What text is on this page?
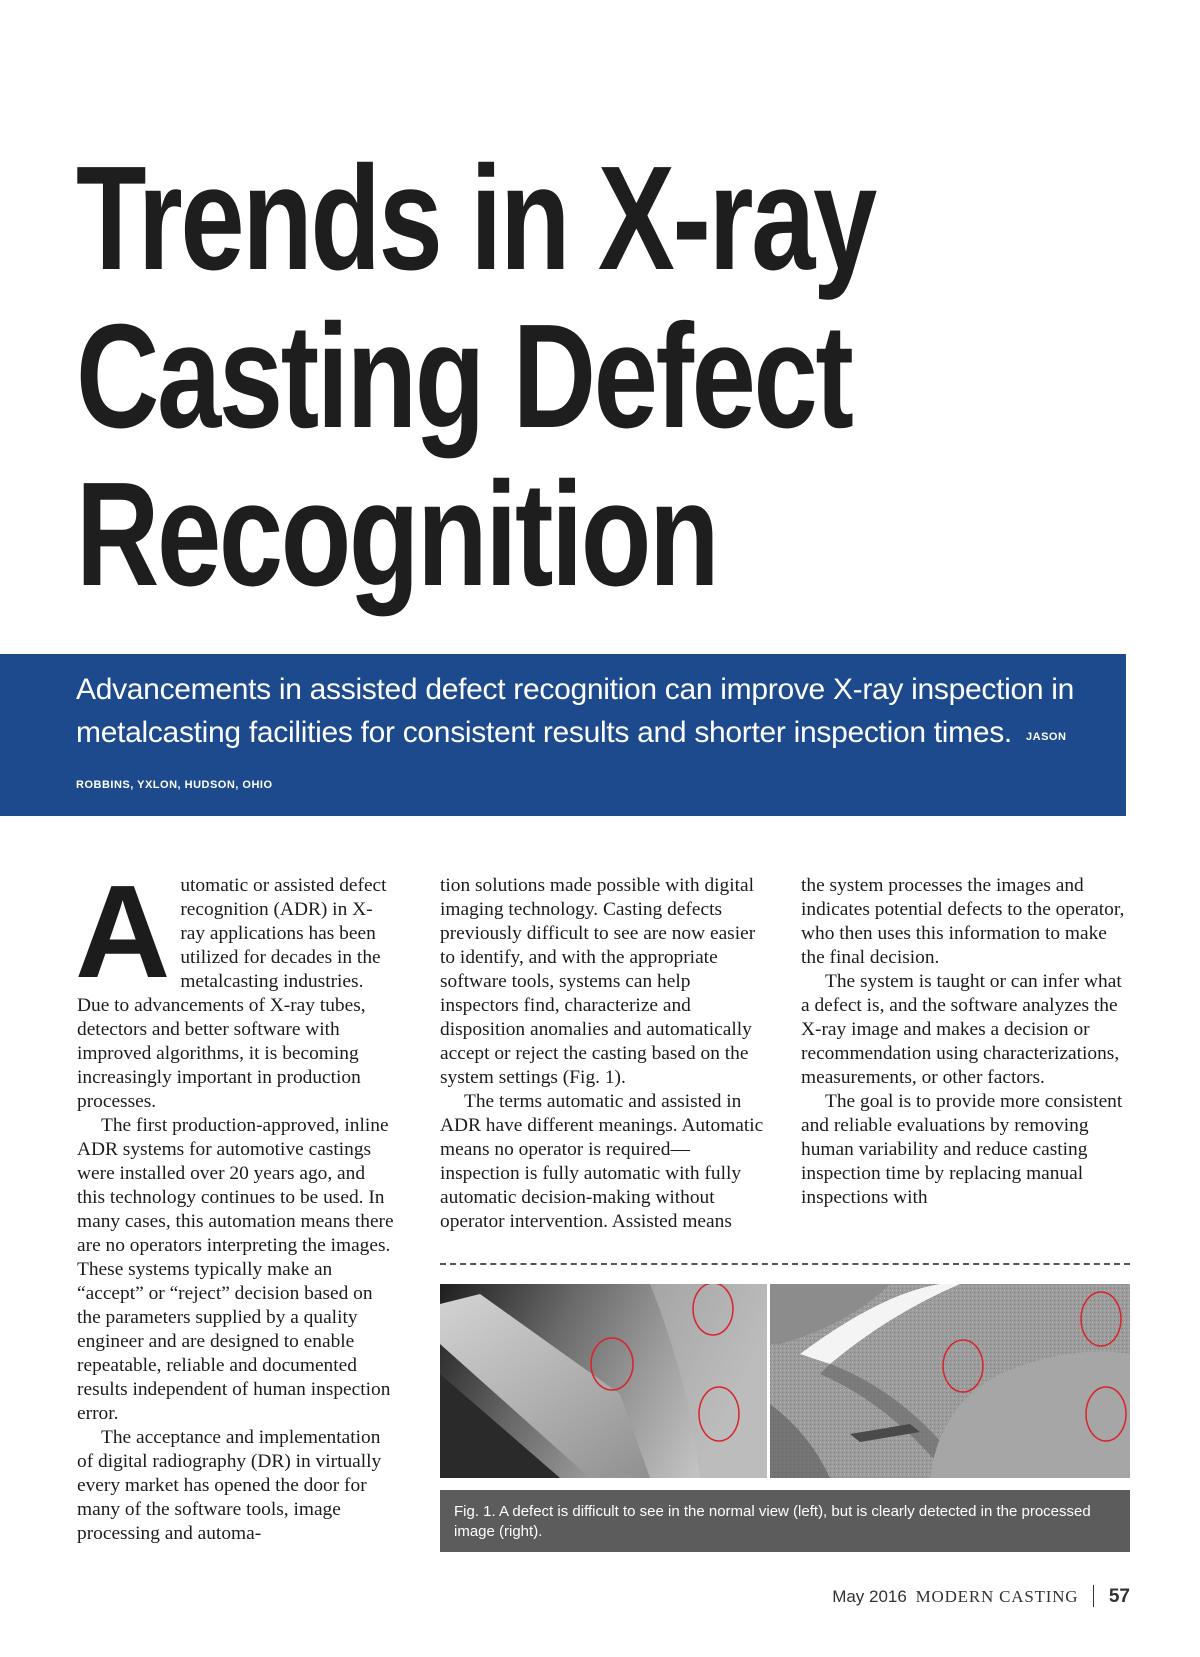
Trends in X-ray
Casting Defect
Recognition
Advancements in assisted defect recognition can improve X-ray inspection in metalcasting facilities for consistent results and shorter inspection times. JASON ROBBINS, YXLON, HUDSON, OHIO

Automatic or assisted defect recognition (ADR) in X-ray applications has been utilized for decades in the metalcasting industries. Due to advancements of X-ray tubes, detectors and better software with improved algorithms, it is becoming increasingly important in production processes.

The first production-approved, inline ADR systems for automotive castings were installed over 20 years ago, and this technology continues to be used. In many cases, this automation means there are no operators interpreting the images. These systems typically make an “accept” or “reject” decision based on the parameters supplied by a quality engineer and are designed to enable repeatable, reliable and documented results independent of human inspection error.

The acceptance and implementation of digital radiography (DR) in virtually every market has opened the door for many of the software tools, image processing and automa-

tion solutions made possible with digital imaging technology. Casting defects previously difficult to see are now easier to identify, and with the appropriate software tools, systems can help inspectors find, characterize and disposition anomalies and automatically accept or reject the casting based on the system settings (Fig. 1).

The terms automatic and assisted in ADR have different meanings. Automatic means no operator is required—inspection is fully automatic with fully automatic decision-making without operator intervention. Assisted means

the system processes the images and indicates potential defects to the operator, who then uses this information to make the final decision.

The system is taught or can infer what a defect is, and the software analyzes the X-ray image and makes a decision or recommendation using characterizations, measurements, or other factors.

The goal is to provide more consistent and reliable evaluations by removing human variability and reduce casting inspection time by replacing manual inspections with

Fig. 1. A defect is difficult to see in the normal view (left), but is clearly detected in the processed image (right).
May 2016 MODERN CASTING 57
